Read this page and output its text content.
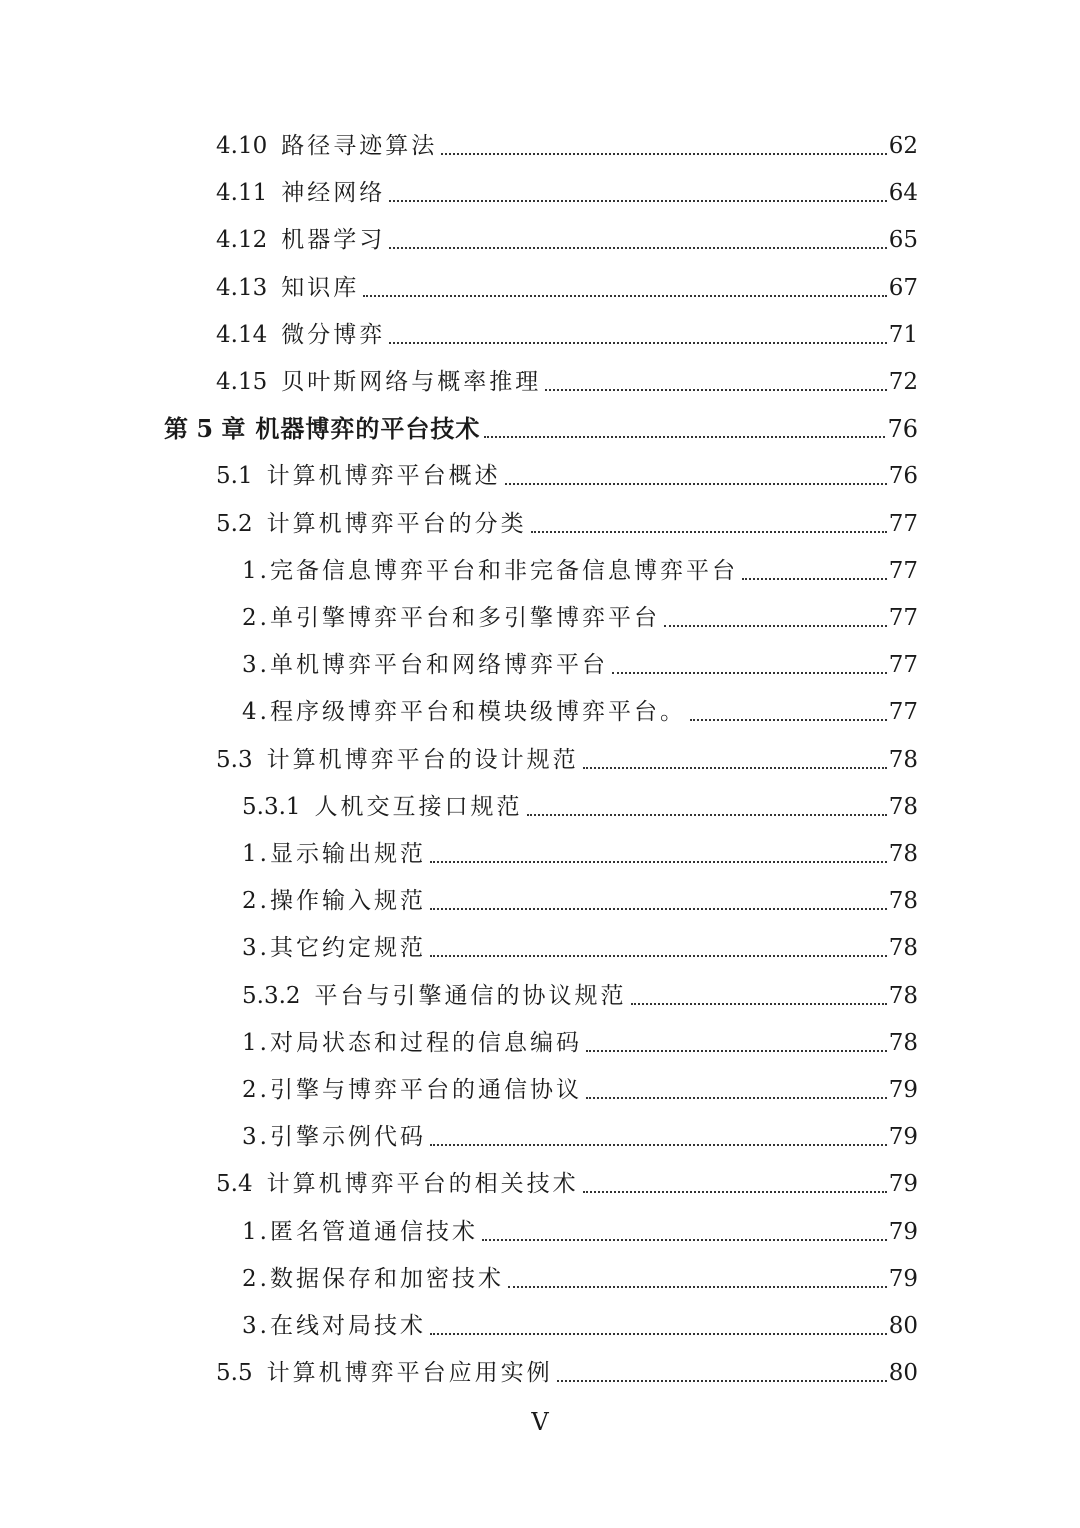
4.10 路径寻迹算法	62
4.11 神经网络	64
4.12 机器学习	65
4.13 知识库	67
4.14 微分博弈	71
4.15 贝叶斯网络与概率推理	72
第 5 章 机器博弈的平台技术	76
5.1 计算机博弈平台概述	76
5.2 计算机博弈平台的分类	77
1.完备信息博弈平台和非完备信息博弈平台	77
2.单引擎博弈平台和多引擎博弈平台	77
3.单机博弈平台和网络博弈平台	77
4.程序级博弈平台和模块级博弈平台。	77
5.3 计算机博弈平台的设计规范	78
5.3.1 人机交互接口规范	78
1.显示输出规范	78
2.操作输入规范	78
3.其它约定规范	78
5.3.2 平台与引擎通信的协议规范	78
1.对局状态和过程的信息编码	78
2.引擎与博弈平台的通信协议	79
3.引擎示例代码	79
5.4 计算机博弈平台的相关技术	79
1.匿名管道通信技术	79
2.数据保存和加密技术	79
3.在线对局技术	80
5.5 计算机博弈平台应用实例	80
V
